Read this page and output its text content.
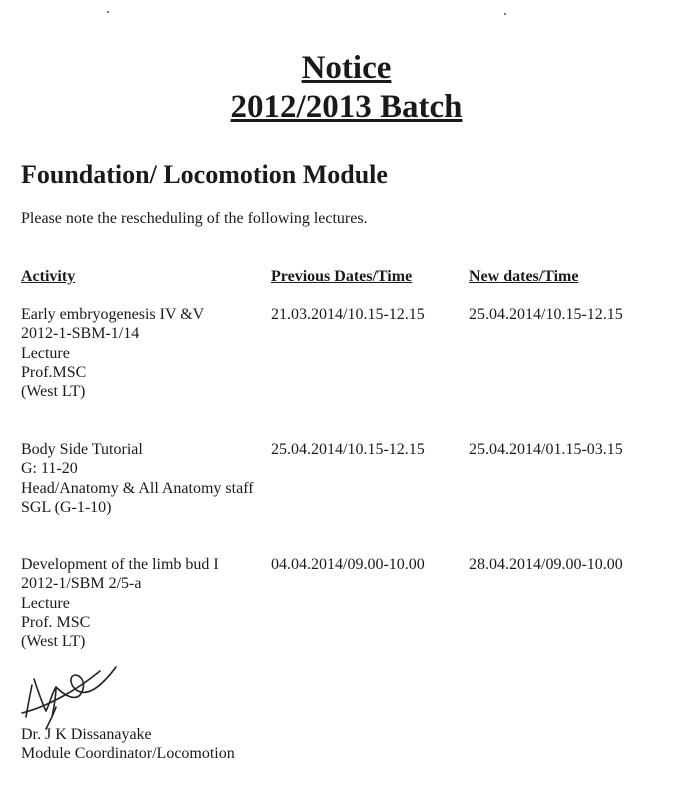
Notice
2012/2013 Batch
Foundation/ Locomotion Module
Please note the rescheduling of the following lectures.
Activity	Previous Dates/Time	New dates/Time
Early embryogenesis IV &V
2012-1-SBM-1/14
Lecture
Prof.MSC
(West LT)
21.03.2014/10.15-12.15	25.04.2014/10.15-12.15
Body Side Tutorial
G: 11-20
Head/Anatomy & All Anatomy staff
SGL (G-1-10)
25.04.2014/10.15-12.15	25.04.2014/01.15-03.15
Development of the limb bud I
2012-1/SBM 2/5-a
Lecture
Prof. MSC
(West LT)
04.04.2014/09.00-10.00	28.04.2014/09.00-10.00
Dr. J K Dissanayake
Module Coordinator/Locomotion
